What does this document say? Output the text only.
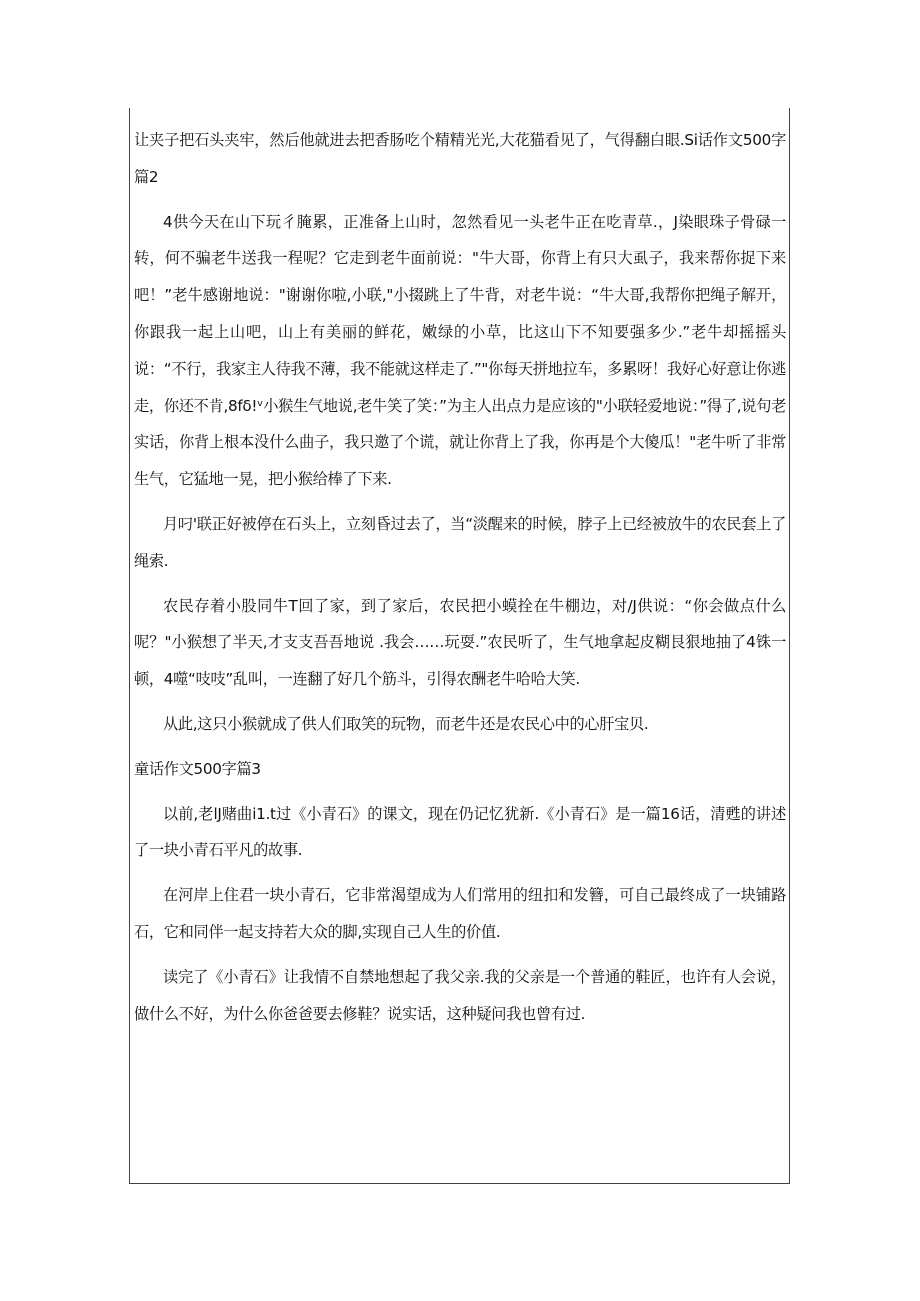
让夹子把石头夹牢，然后他就进去把香肠吃个精精光光,大花猫看见了，气得翻白眼.Si话作文500字篇2

4供今天在山下玩彳腌累，正准备上山时，忽然看见一头老牛正在吃青草.，J染眼珠子骨碌一转，何不骗老牛送我一程呢？它走到老牛面前说："牛大哥，你背上有只大虱子，我来帮你捉下来吧！”老牛感谢地说："谢谢你啦,小联,"小掇跳上了牛背，对老牛说：“牛大哥,我帮你把绳子解开，你跟我一起上山吧，山上有美丽的鲜花，嫩绿的小草，比这山下不知要强多少.”老牛却摇摇头说：“不行，我家主人待我不薄，我不能就这样走了.”"你每天拼地拉车，多累呀！我好心好意让你逃走，你还不肯,8fδ!ᵛ小猴生气地说,老牛笑了笑：”为主人出点力是应该的"小联轻爱地说：”得了,说句老实话，你背上根本没什么曲子，我只邀了个谎，就让你背上了我，你再是个大傻瓜！"老牛听了非常生气，它猛地一晃，把小猴给棒了下来.

月叼'联正好被停在石头上，立刻昏过去了，当“淡醒来的时候，脖子上已经被放牛的农民套上了绳索.

农民存着小股同牛T回了家，到了家后，农民把小蟆拴在牛棚边，对/J供说：“你会做点什么呢？"小猴想了半天,才支支吾吾地说 .我会……玩耍.”农民听了，生气地拿起皮糊艮狠地抽了4铢一顿，4噬“吱吱”乱叫，一连翻了好几个筋斗，引得农酬老牛哈哈大笑.

从此,这只小猴就成了供人们取笑的玩物，而老牛还是农民心中的心肝宝贝.

童话作文500字篇3

以前,老lJ赌曲i1.t过《小青石》的课文，现在仍记忆犹新.《小青石》是一篇16话，清甦的讲述了一块小青石平凡的故事.

在河岸上住君一块小青石，它非常渴望成为人们常用的纽扣和发簪，可自己最终成了一块铺路石，它和同伴一起支持若大众的脚,实现自己人生的价值.

读完了《小青石》让我情不自禁地想起了我父亲.我的父亲是一个普通的鞋匠，也许有人会说，做什么不好，为什么你爸爸要去修鞋？说实话，这种疑问我也曾有过.
